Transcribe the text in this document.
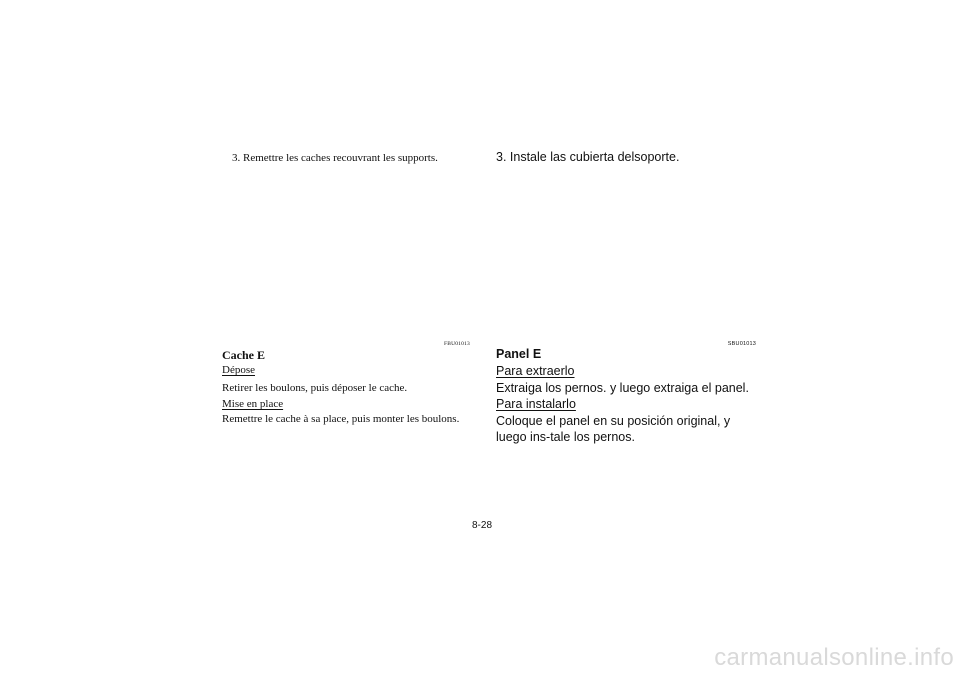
3. Remettre les caches recouvrant les supports.

FBU01013

Cache E

Dépose

Retirer les boulons, puis déposer le cache.

Mise en place

Remettre le cache à sa place, puis monter les boulons.

3. Instale las cubierta delsoporte.

SBU01013

Panel E

Para extraerlo

Extraiga los pernos. y luego extraiga el panel.

Para instalarlo

Coloque el panel en su posición original, y luego ins-tale los pernos.

8-28
carmanualsonline.info
